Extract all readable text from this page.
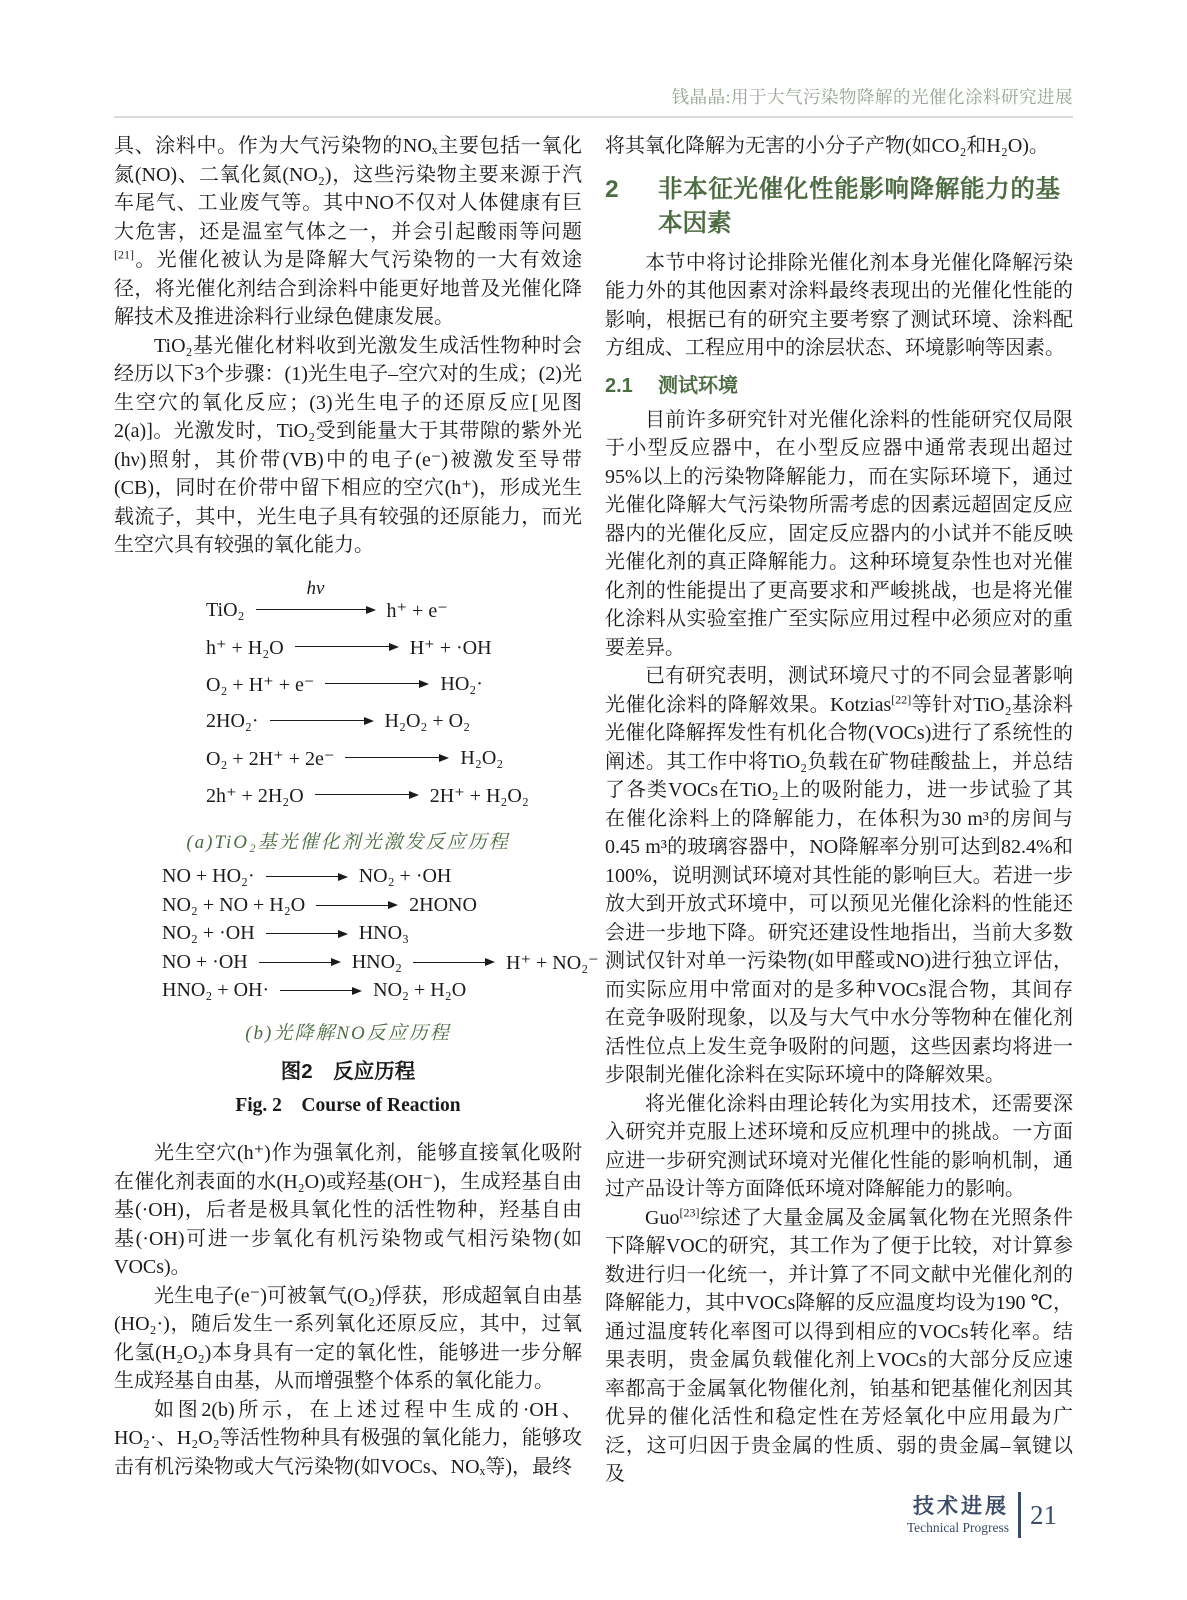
钱晶晶:用于大气污染物降解的光催化涂料研究进展

具、涂料中。作为大气污染物的NOₓ主要包括一氧化氮(NO)、二氧化氮(NO₂)，这些污染物主要来源于汽车尾气、工业废气等。其中NO不仅对人体健康有巨大危害，还是温室气体之一，并会引起酸雨等问题[21]。光催化被认为是降解大气污染物的一大有效途径，将光催化剂结合到涂料中能更好地普及光催化降解技术及推进涂料行业绿色健康发展。

TiO₂基光催化材料收到光激发生成活性物种时会经历以下3个步骤：(1)光生电子–空穴对的生成；(2)光生空穴的氧化反应；(3)光生电子的还原反应[见图2(a)]。光激发时，TiO₂受到能量大于其带隙的紫外光(hν)照射，其价带(VB)中的电子(e⁻)被激发至导带(CB)，同时在价带中留下相应的空穴(h⁺)，形成光生载流子，其中，光生电子具有较强的还原能力，而光生空穴具有较强的氧化能力。

TiO₂
hν
h⁺ + e⁻
h⁺ + H₂O	H⁺ + ·OH
O₂ + H⁺ + e⁻	HO₂·
2HO₂·	H₂O₂ + O₂
O₂ + 2H⁺ + 2e⁻	H₂O₂
2h⁺ + 2H₂O	2H⁺ + H₂O₂
(a)TiO₂基光催化剂光激发反应历程
NO + HO₂·	NO₂ + ·OH
NO₂ + NO + H₂O	2HONO
NO₂ + ·OH	HNO₃
NO + ·OH	HNO₂	H⁺ + NO₂⁻
HNO₂ + OH·	NO₂ + H₂O
(b)光降解NO反应历程
图2　反应历程
Fig. 2　Course of Reaction

光生空穴(h⁺)作为强氧化剂，能够直接氧化吸附在催化剂表面的水(H₂O)或羟基(OH⁻)，生成羟基自由基(·OH)，后者是极具氧化性的活性物种，羟基自由基(·OH)可进一步氧化有机污染物或气相污染物(如VOCs)。

光生电子(e⁻)可被氧气(O₂)俘获，形成超氧自由基(HO₂·)，随后发生一系列氧化还原反应，其中，过氧化氢(H₂O₂)本身具有一定的氧化性，能够进一步分解生成羟基自由基，从而增强整个体系的氧化能力。

如图2(b)所示，在上述过程中生成的·OH、HO₂·、H₂O₂等活性物种具有极强的氧化能力，能够攻击有机污染物或大气污染物(如VOCs、NOₓ等)，最终

将其氧化降解为无害的小分子产物(如CO₂和H₂O)。

2	非本征光催化性能影响降解能力的基本因素

本节中将讨论排除光催化剂本身光催化降解污染能力外的其他因素对涂料最终表现出的光催化性能的影响，根据已有的研究主要考察了测试环境、涂料配方组成、工程应用中的涂层状态、环境影响等因素。

2.1	测试环境

目前许多研究针对光催化涂料的性能研究仅局限于小型反应器中，在小型反应器中通常表现出超过95%以上的污染物降解能力，而在实际环境下，通过光催化降解大气污染物所需考虑的因素远超固定反应器内的光催化反应，固定反应器内的小试并不能反映光催化剂的真正降解能力。这种环境复杂性也对光催化剂的性能提出了更高要求和严峻挑战，也是将光催化涂料从实验室推广至实际应用过程中必须应对的重要差异。

已有研究表明，测试环境尺寸的不同会显著影响光催化涂料的降解效果。Kotzias[22]等针对TiO₂基涂料光催化降解挥发性有机化合物(VOCs)进行了系统性的阐述。其工作中将TiO₂负载在矿物硅酸盐上，并总结了各类VOCs在TiO₂上的吸附能力，进一步试验了其在催化涂料上的降解能力，在体积为30 m³的房间与0.45 m³的玻璃容器中，NO降解率分别可达到82.4%和100%，说明测试环境对其性能的影响巨大。若进一步放大到开放式环境中，可以预见光催化涂料的性能还会进一步地下降。研究还建设性地指出，当前大多数测试仅针对单一污染物(如甲醛或NO)进行独立评估，而实际应用中常面对的是多种VOCs混合物，其间存在竞争吸附现象，以及与大气中水分等物种在催化剂活性位点上发生竞争吸附的问题，这些因素均将进一步限制光催化涂料在实际环境中的降解效果。

将光催化涂料由理论转化为实用技术，还需要深入研究并克服上述环境和反应机理中的挑战。一方面应进一步研究测试环境对光催化性能的影响机制，通过产品设计等方面降低环境对降解能力的影响。

Guo[23]综述了大量金属及金属氧化物在光照条件下降解VOC的研究，其工作为了便于比较，对计算参数进行归一化统一，并计算了不同文献中光催化剂的降解能力，其中VOCs降解的反应温度均设为190 ℃，通过温度转化率图可以得到相应的VOCs转化率。结果表明，贵金属负载催化剂上VOCs的大部分反应速率都高于金属氧化物催化剂，铂基和钯基催化剂因其优异的催化活性和稳定性在芳烃氧化中应用最为广泛，这可归因于贵金属的性质、弱的贵金属–氧键以及

技术进展
Technical Progress 21
